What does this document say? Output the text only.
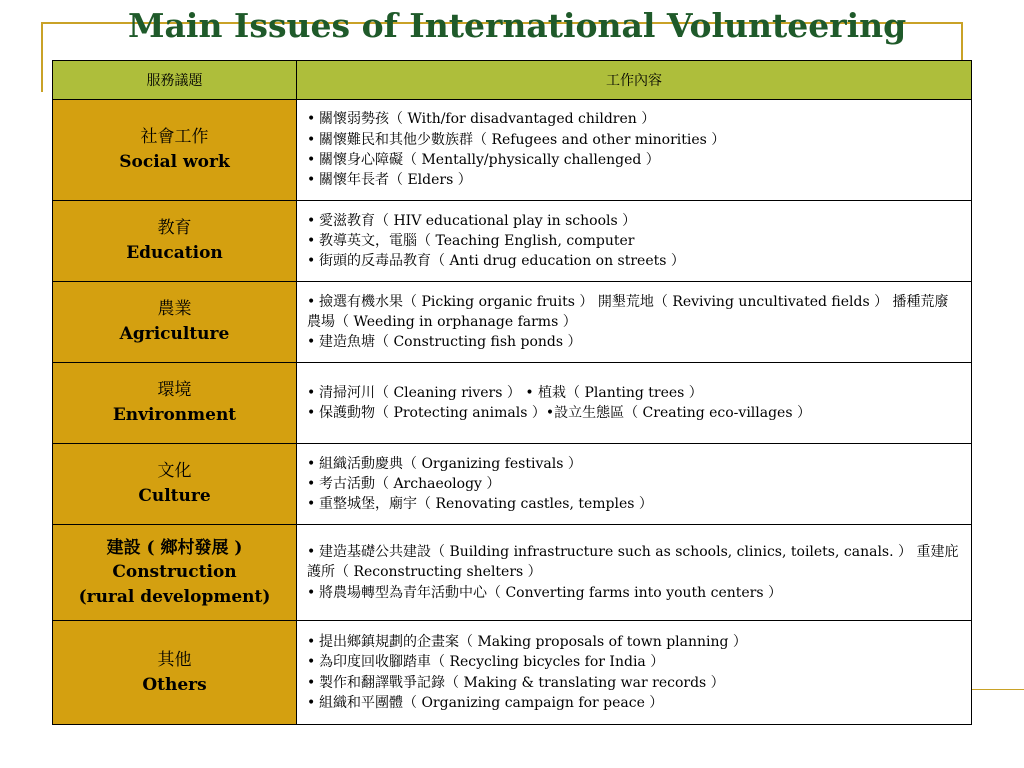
Main Issues of International Volunteering
服務議題	工作內容

社會工作
Social work	• 關懷弱勢孩（ With/for disadvantaged children ）
• 關懷難民和其他少數族群（ Refugees and other minorities ）
• 關懷身心障礙（ Mentally/physically challenged ）
• 關懷年長者（ Elders ）

教育
Education	• 愛滋教育（ HIV educational play in schools ）
• 教導英文，電腦（ Teaching English, computer
• 街頭的反毒品教育（ Anti drug education on streets ）

農業
Agriculture	• 撿選有機水果（ Picking organic fruits ） 開墾荒地（ Reviving uncultivated fields ） 播種荒廢農場（ Weeding in orphanage farms ）
• 建造魚塘（ Constructing fish ponds ）

環境
Environment	• 清掃河川（ Cleaning rivers ） • 植栽（ Planting trees ）
• 保護動物（ Protecting animals ）•設立生態區（ Creating eco-villages ）

文化
Culture	• 組織活動慶典（ Organizing festivals ）
• 考古活動（ Archaeology ）
• 重整城堡，廟宇（ Renovating castles, temples ）

建設 ( 鄉村發展 )
Construction
(rural development)	• 建造基礎公共建設（ Building infrastructure such as schools, clinics, toilets, canals. ） 重建庇護所（ Reconstructing shelters ）
• 將農場轉型為青年活動中心（ Converting farms into youth centers ）

其他
Others	• 提出鄉鎮規劃的企畫案（ Making proposals of town planning ）
• 為印度回收腳踏車（ Recycling bicycles for India ）
• 製作和翻譯戰爭記錄（ Making & translating war records ）
• 組織和平團體（ Organizing campaign for peace ）
